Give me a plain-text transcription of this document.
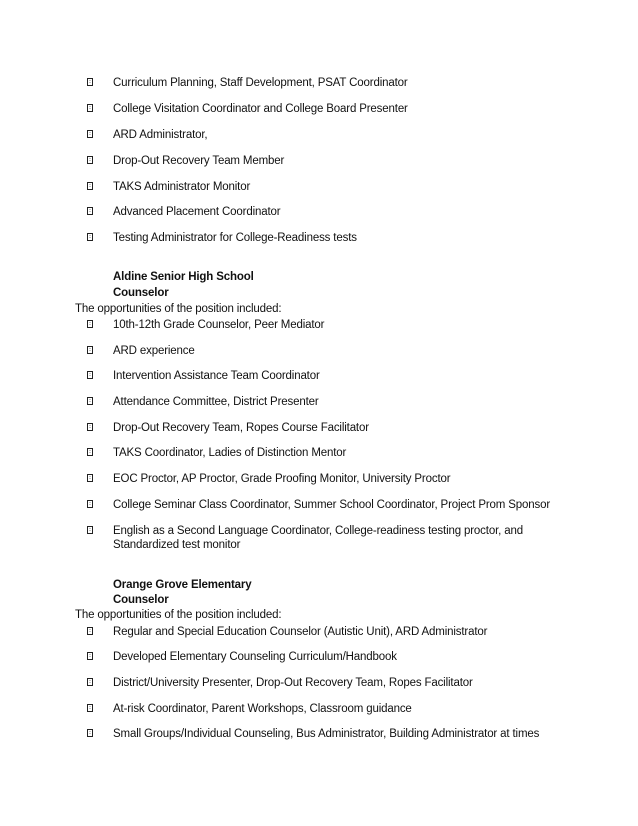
Curriculum Planning, Staff Development, PSAT Coordinator
College Visitation Coordinator and College Board Presenter
ARD Administrator,
Drop-Out Recovery Team Member
TAKS Administrator Monitor
Advanced Placement Coordinator
Testing Administrator for College-Readiness tests
Aldine Senior High School
Counselor
The opportunities of the position included:
10th-12th Grade Counselor, Peer Mediator
ARD experience
Intervention Assistance Team Coordinator
Attendance Committee, District Presenter
Drop-Out Recovery Team, Ropes Course Facilitator
TAKS Coordinator, Ladies of Distinction Mentor
EOC Proctor, AP Proctor, Grade Proofing Monitor, University Proctor
College Seminar Class Coordinator, Summer School Coordinator, Project Prom Sponsor
English as a Second Language Coordinator, College-readiness testing proctor, and Standardized test monitor
Orange Grove Elementary
Counselor
The opportunities of the position included:
Regular and Special Education Counselor (Autistic Unit), ARD Administrator
Developed Elementary Counseling Curriculum/Handbook
District/University Presenter, Drop-Out Recovery Team, Ropes Facilitator
At-risk Coordinator, Parent Workshops, Classroom guidance
Small Groups/Individual Counseling, Bus Administrator, Building Administrator at times
